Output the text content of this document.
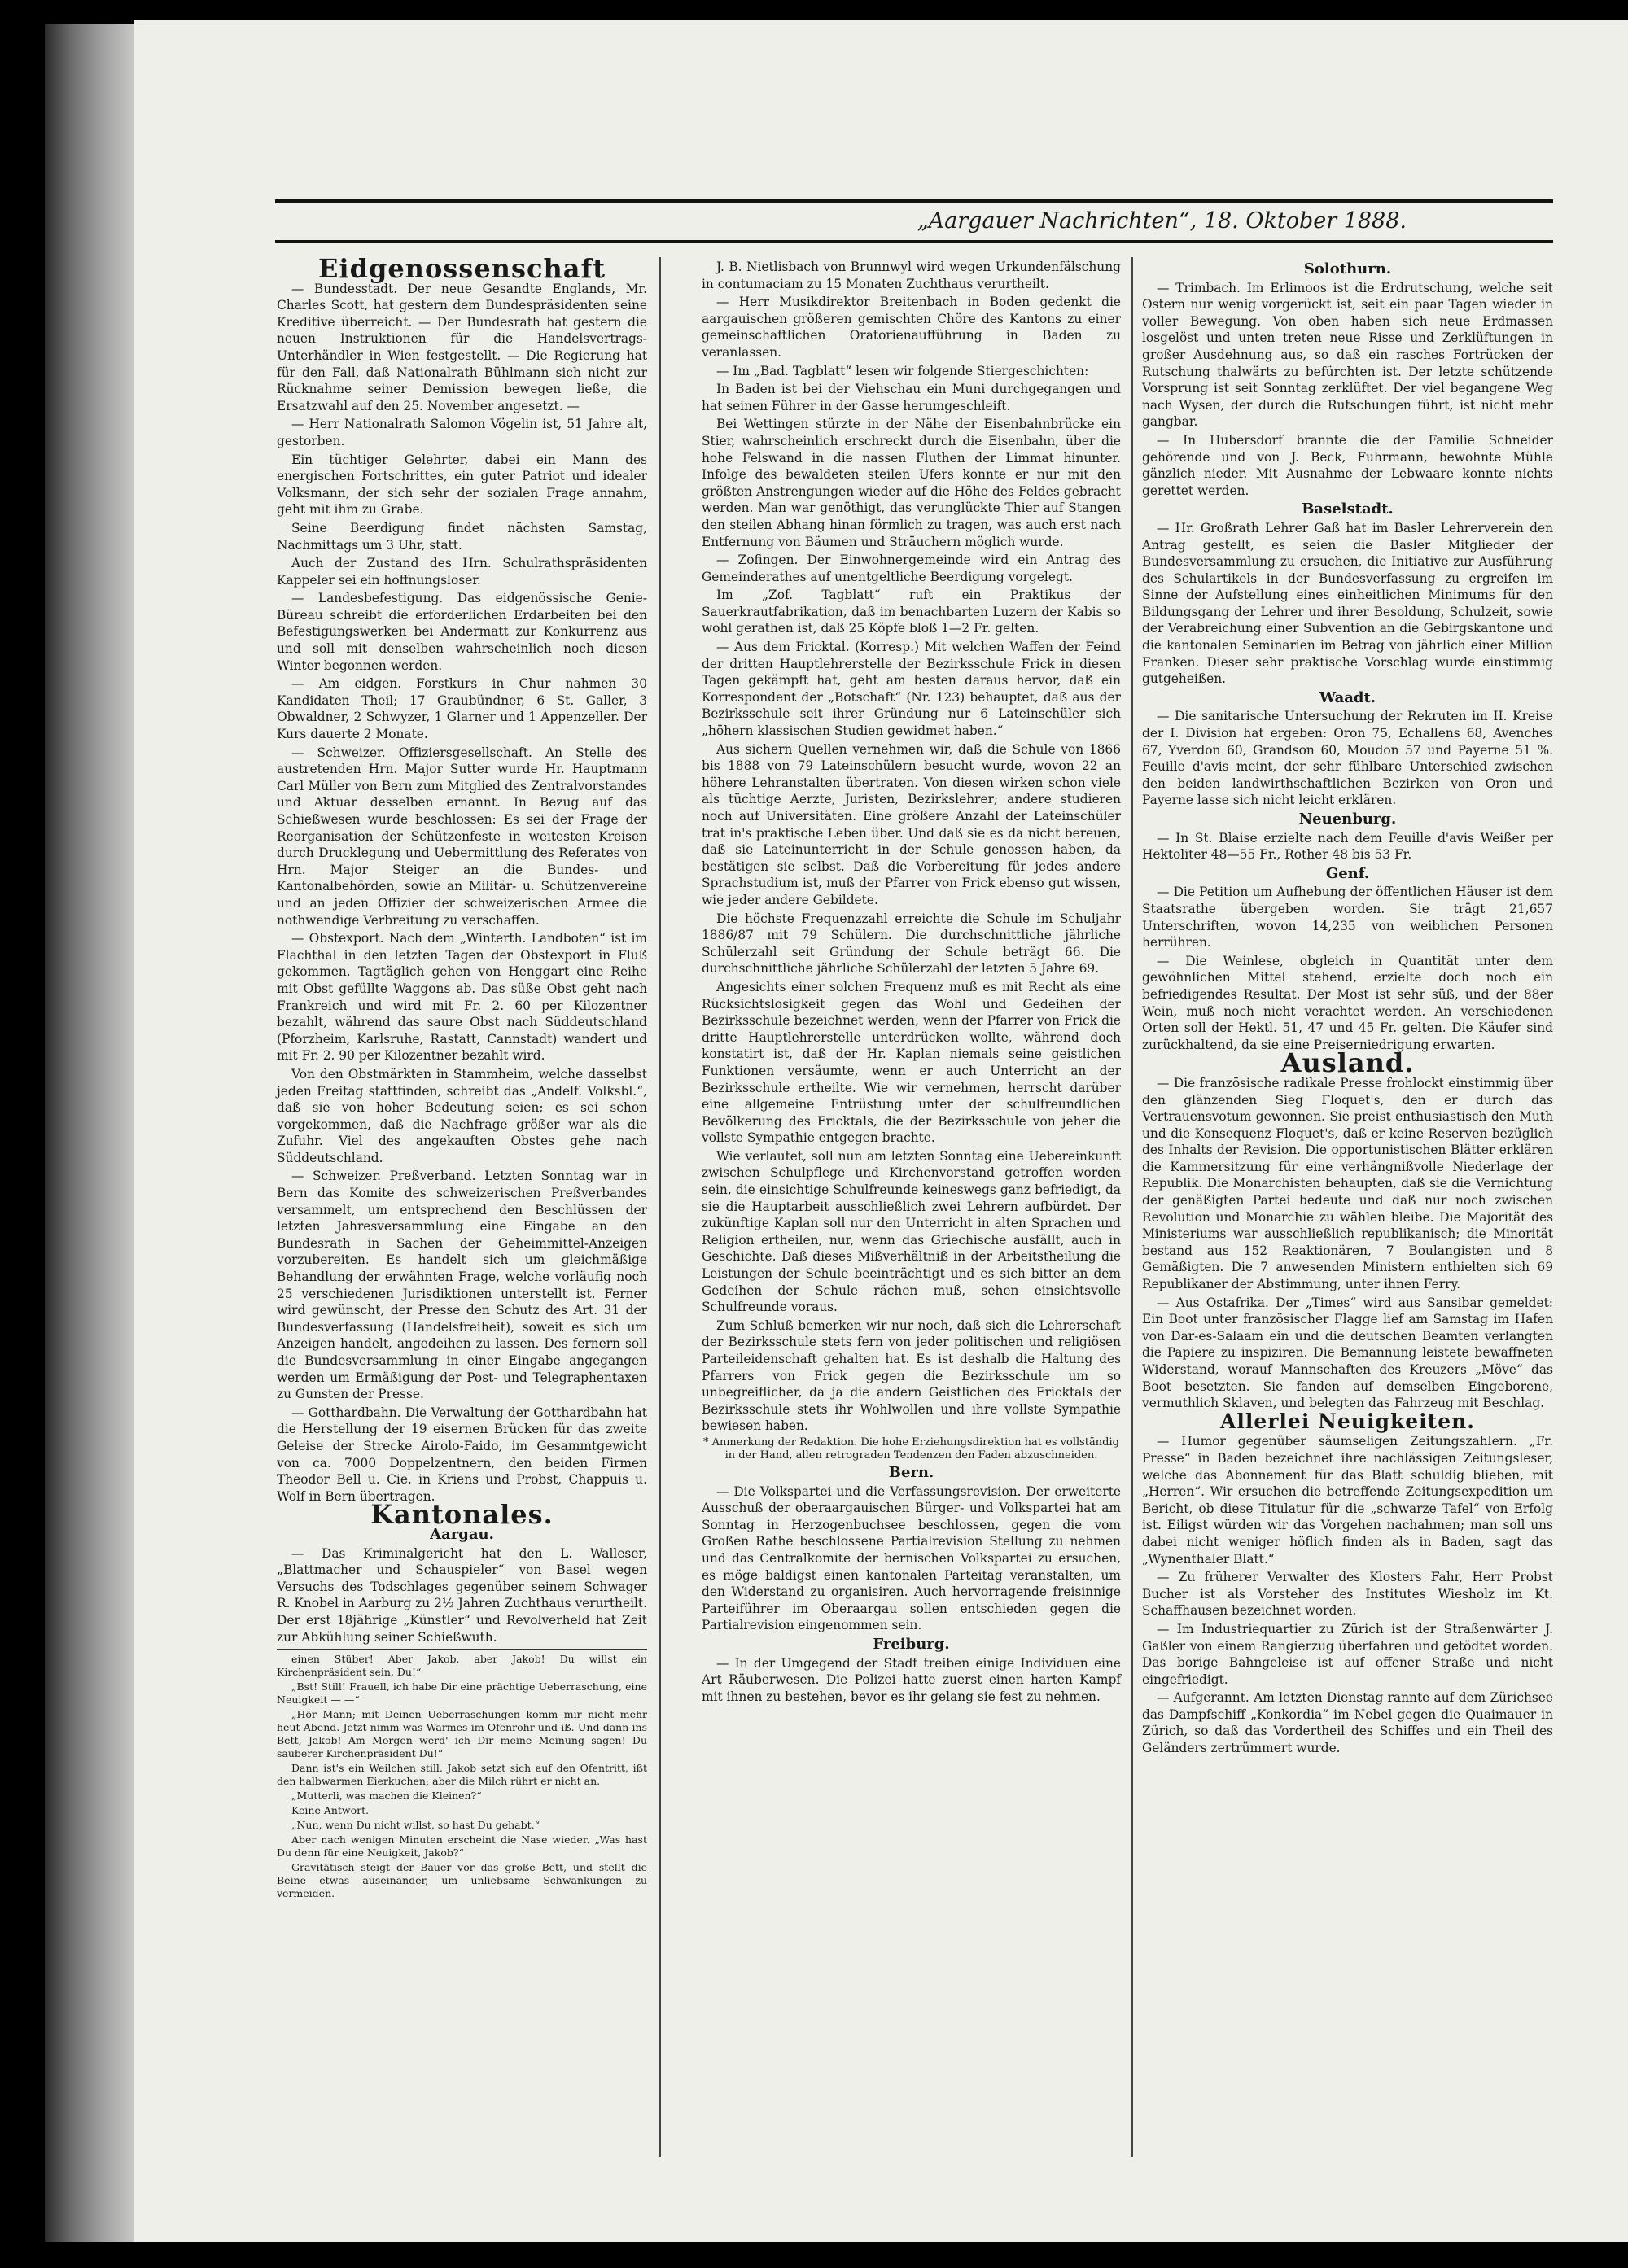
„Aargauer Nachrichten“, 18. Oktober 1888.
Eidgenossenschaft

— Bundesstadt. Der neue Gesandte Englands, Mr. Charles Scott, hat gestern dem Bundespräsidenten seine Kreditive überreicht. — Der Bundesrath hat gestern die neuen Instruktionen für die Handelsvertrags-Unterhändler in Wien festgestellt. — Die Regierung hat für den Fall, daß Nationalrath Bühlmann sich nicht zur Rücknahme seiner Demission bewegen ließe, die Ersatzwahl auf den 25. November angesetzt. —

— Herr Nationalrath Salomon Vögelin ist, 51 Jahre alt, gestorben.

Ein tüchtiger Gelehrter, dabei ein Mann des energischen Fortschrittes, ein guter Patriot und idealer Volksmann, der sich sehr der sozialen Frage annahm, geht mit ihm zu Grabe.

Seine Beerdigung findet nächsten Samstag, Nachmittags um 3 Uhr, statt.

Auch der Zustand des Hrn. Schulrathspräsidenten Kappeler sei ein hoffnungsloser.

— Landesbefestigung. Das eidgenössische Genie-Büreau schreibt die erforderlichen Erdarbeiten bei den Befestigungswerken bei Andermatt zur Konkurrenz aus und soll mit denselben wahrscheinlich noch diesen Winter begonnen werden.

— Am eidgen. Forstkurs in Chur nahmen 30 Kandidaten Theil; 17 Graubündner, 6 St. Galler, 3 Obwaldner, 2 Schwyzer, 1 Glarner und 1 Appenzeller. Der Kurs dauerte 2 Monate.

— Schweizer. Offiziersgesellschaft. An Stelle des austretenden Hrn. Major Sutter wurde Hr. Hauptmann Carl Müller von Bern zum Mitglied des Zentralvorstandes und Aktuar desselben ernannt. In Bezug auf das Schießwesen wurde beschlossen: Es sei der Frage der Reorganisation der Schützenfeste in weitesten Kreisen durch Drucklegung und Uebermittlung des Referates von Hrn. Major Steiger an die Bundes- und Kantonalbehörden, sowie an Militär- u. Schützenvereine und an jeden Offizier der schweizerischen Armee die nothwendige Verbreitung zu verschaffen.

— Obstexport. Nach dem „Winterth. Landboten“ ist im Flachthal in den letzten Tagen der Obstexport in Fluß gekommen. Tagtäglich gehen von Henggart eine Reihe mit Obst gefüllte Waggons ab. Das süße Obst geht nach Frankreich und wird mit Fr. 2. 60 per Kilozentner bezahlt, während das saure Obst nach Süddeutschland (Pforzheim, Karlsruhe, Rastatt, Cannstadt) wandert und mit Fr. 2. 90 per Kilozentner bezahlt wird.

Von den Obstmärkten in Stammheim, welche dasselbst jeden Freitag stattfinden, schreibt das „Andelf. Volksbl.“, daß sie von hoher Bedeutung seien; es sei schon vorgekommen, daß die Nachfrage größer war als die Zufuhr. Viel des angekauften Obstes gehe nach Süddeutschland.

— Schweizer. Preßverband. Letzten Sonntag war in Bern das Komite des schweizerischen Preßverbandes versammelt, um entsprechend den Beschlüssen der letzten Jahresversammlung eine Eingabe an den Bundesrath in Sachen der Geheimmittel-Anzeigen vorzubereiten. Es handelt sich um gleichmäßige Behandlung der erwähnten Frage, welche vorläufig noch 25 verschiedenen Jurisdiktionen unterstellt ist. Ferner wird gewünscht, der Presse den Schutz des Art. 31 der Bundesverfassung (Handelsfreiheit), soweit es sich um Anzeigen handelt, angedeihen zu lassen. Des fernern soll die Bundesversammlung in einer Eingabe angegangen werden um Ermäßigung der Post- und Telegraphentaxen zu Gunsten der Presse.

— Gotthardbahn. Die Verwaltung der Gotthardbahn hat die Herstellung der 19 eisernen Brücken für das zweite Geleise der Strecke Airolo-Faido, im Gesammtgewicht von ca. 7000 Doppelzentnern, den beiden Firmen Theodor Bell u. Cie. in Kriens und Probst, Chappuis u. Wolf in Bern übertragen.

Kantonales.
Aargau.

— Das Kriminalgericht hat den L. Walleser, „Blattmacher und Schauspieler“ von Basel wegen Versuchs des Todschlages gegenüber seinem Schwager R. Knobel in Aarburg zu 2½ Jahren Zuchthaus verurtheilt. Der erst 18jährige „Künstler“ und Revolverheld hat Zeit zur Abkühlung seiner Schießwuth.

einen Stüber! Aber Jakob, aber Jakob! Du willst ein Kirchenpräsident sein, Du!“

„Bst! Still! Frauell, ich habe Dir eine prächtige Ueberraschung, eine Neuigkeit — —“

„Hör Mann; mit Deinen Ueberraschungen komm mir nicht mehr heut Abend. Jetzt nimm was Warmes im Ofenrohr und iß. Und dann ins Bett, Jakob! Am Morgen werd' ich Dir meine Meinung sagen! Du sauberer Kirchenpräsident Du!“

Dann ist's ein Weilchen still. Jakob setzt sich auf den Ofentritt, ißt den halbwarmen Eierkuchen; aber die Milch rührt er nicht an.

„Mutterli, was machen die Kleinen?“

Keine Antwort.

„Nun, wenn Du nicht willst, so hast Du gehabt.“

Aber nach wenigen Minuten erscheint die Nase wieder. „Was hast Du denn für eine Neuigkeit, Jakob?“

Gravitätisch steigt der Bauer vor das große Bett, und stellt die Beine etwas auseinander, um unliebsame Schwankungen zu vermeiden.

J. B. Nietlisbach von Brunnwyl wird wegen Urkundenfälschung in contumaciam zu 15 Monaten Zuchthaus verurtheilt.

— Herr Musikdirektor Breitenbach in Boden gedenkt die aargauischen größeren gemischten Chöre des Kantons zu einer gemeinschaftlichen Oratorienaufführung in Baden zu veranlassen.

— Im „Bad. Tagblatt“ lesen wir folgende Stiergeschichten:

In Baden ist bei der Viehschau ein Muni durchgegangen und hat seinen Führer in der Gasse herumgeschleift.

Bei Wettingen stürzte in der Nähe der Eisenbahnbrücke ein Stier, wahrscheinlich erschreckt durch die Eisenbahn, über die hohe Felswand in die nassen Fluthen der Limmat hinunter. Infolge des bewaldeten steilen Ufers konnte er nur mit den größten Anstrengungen wieder auf die Höhe des Feldes gebracht werden. Man war genöthigt, das verunglückte Thier auf Stangen den steilen Abhang hinan förmlich zu tragen, was auch erst nach Entfernung von Bäumen und Sträuchern möglich wurde.

— Zofingen. Der Einwohnergemeinde wird ein Antrag des Gemeinderathes auf unentgeltliche Beerdigung vorgelegt.

Im „Zof. Tagblatt“ ruft ein Praktikus der Sauerkrautfabrikation, daß im benachbarten Luzern der Kabis so wohl gerathen ist, daß 25 Köpfe bloß 1—2 Fr. gelten.

— Aus dem Fricktal. (Korresp.) Mit welchen Waffen der Feind der dritten Hauptlehrerstelle der Bezirksschule Frick in diesen Tagen gekämpft hat, geht am besten daraus hervor, daß ein Korrespondent der „Botschaft“ (Nr. 123) behauptet, daß aus der Bezirksschule seit ihrer Gründung nur 6 Lateinschüler sich „höhern klassischen Studien gewidmet haben.“

Aus sichern Quellen vernehmen wir, daß die Schule von 1866 bis 1888 von 79 Lateinschülern besucht wurde, wovon 22 an höhere Lehranstalten übertraten. Von diesen wirken schon viele als tüchtige Aerzte, Juristen, Bezirkslehrer; andere studieren noch auf Universitäten. Eine größere Anzahl der Lateinschüler trat in's praktische Leben über. Und daß sie es da nicht bereuen, daß sie Lateinunterricht in der Schule genossen haben, da bestätigen sie selbst. Daß die Vorbereitung für jedes andere Sprachstudium ist, muß der Pfarrer von Frick ebenso gut wissen, wie jeder andere Gebildete.

Die höchste Frequenzzahl erreichte die Schule im Schuljahr 1886/87 mit 79 Schülern. Die durchschnittliche jährliche Schülerzahl seit Gründung der Schule beträgt 66. Die durchschnittliche jährliche Schülerzahl der letzten 5 Jahre 69.

Angesichts einer solchen Frequenz muß es mit Recht als eine Rücksichtslosigkeit gegen das Wohl und Gedeihen der Bezirksschule bezeichnet werden, wenn der Pfarrer von Frick die dritte Hauptlehrerstelle unterdrücken wollte, während doch konstatirt ist, daß der Hr. Kaplan niemals seine geistlichen Funktionen versäumte, wenn er auch Unterricht an der Bezirksschule ertheilte. Wie wir vernehmen, herrscht darüber eine allgemeine Entrüstung unter der schulfreundlichen Bevölkerung des Fricktals, die der Bezirksschule von jeher die vollste Sympathie entgegen brachte.

Wie verlautet, soll nun am letzten Sonntag eine Uebereinkunft zwischen Schulpflege und Kirchenvorstand getroffen worden sein, die einsichtige Schulfreunde keineswegs ganz befriedigt, da sie die Hauptarbeit ausschließlich zwei Lehrern aufbürdet. Der zukünftige Kaplan soll nur den Unterricht in alten Sprachen und Religion ertheilen, nur, wenn das Griechische ausfällt, auch in Geschichte. Daß dieses Mißverhältniß in der Arbeitstheilung die Leistungen der Schule beeinträchtigt und es sich bitter an dem Gedeihen der Schule rächen muß, sehen einsichtsvolle Schulfreunde voraus.

Zum Schluß bemerken wir nur noch, daß sich die Lehrerschaft der Bezirksschule stets fern von jeder politischen und religiösen Parteileidenschaft gehalten hat. Es ist deshalb die Haltung des Pfarrers von Frick gegen die Bezirksschule um so unbegreiflicher, da ja die andern Geistlichen des Fricktals der Bezirksschule stets ihr Wohlwollen und ihre vollste Sympathie bewiesen haben.

* Anmerkung der Redaktion. Die hohe Erziehungsdirektion hat es vollständig in der Hand, allen retrograden Tendenzen den Faden abzuschneiden.
Bern.

— Die Volkspartei und die Verfassungsrevision. Der erweiterte Ausschuß der oberaargauischen Bürger- und Volkspartei hat am Sonntag in Herzogenbuchsee beschlossen, gegen die vom Großen Rathe beschlossene Partialrevision Stellung zu nehmen und das Centralkomite der bernischen Volkspartei zu ersuchen, es möge baldigst einen kantonalen Parteitag veranstalten, um den Widerstand zu organisiren. Auch hervorragende freisinnige Parteiführer im Oberaargau sollen entschieden gegen die Partialrevision eingenommen sein.

Freiburg.

— In der Umgegend der Stadt treiben einige Individuen eine Art Räuberwesen. Die Polizei hatte zuerst einen harten Kampf mit ihnen zu bestehen, bevor es ihr gelang sie fest zu nehmen.

Solothurn.

— Trimbach. Im Erlimoos ist die Erdrutschung, welche seit Ostern nur wenig vorgerückt ist, seit ein paar Tagen wieder in voller Bewegung. Von oben haben sich neue Erdmassen losgelöst und unten treten neue Risse und Zerklüftungen in großer Ausdehnung aus, so daß ein rasches Fortrücken der Rutschung thalwärts zu befürchten ist. Der letzte schützende Vorsprung ist seit Sonntag zerklüftet. Der viel begangene Weg nach Wysen, der durch die Rutschungen führt, ist nicht mehr gangbar.

— In Hubersdorf brannte die der Familie Schneider gehörende und von J. Beck, Fuhrmann, bewohnte Mühle gänzlich nieder. Mit Ausnahme der Lebwaare konnte nichts gerettet werden.

Baselstadt.

— Hr. Großrath Lehrer Gaß hat im Basler Lehrerverein den Antrag gestellt, es seien die Basler Mitglieder der Bundesversammlung zu ersuchen, die Initiative zur Ausführung des Schulartikels in der Bundesverfassung zu ergreifen im Sinne der Aufstellung eines einheitlichen Minimums für den Bildungsgang der Lehrer und ihrer Besoldung, Schulzeit, sowie der Verabreichung einer Subvention an die Gebirgskantone und die kantonalen Seminarien im Betrag von jährlich einer Million Franken. Dieser sehr praktische Vorschlag wurde einstimmig gutgeheißen.

Waadt.

— Die sanitarische Untersuchung der Rekruten im II. Kreise der I. Division hat ergeben: Oron 75, Echallens 68, Avenches 67, Yverdon 60, Grandson 60, Moudon 57 und Payerne 51 %. Feuille d'avis meint, der sehr fühlbare Unterschied zwischen den beiden landwirthschaftlichen Bezirken von Oron und Payerne lasse sich nicht leicht erklären.

Neuenburg.

— In St. Blaise erzielte nach dem Feuille d'avis Weißer per Hektoliter 48—55 Fr., Rother 48 bis 53 Fr.

Genf.

— Die Petition um Aufhebung der öffentlichen Häuser ist dem Staatsrathe übergeben worden. Sie trägt 21,657 Unterschriften, wovon 14,235 von weiblichen Personen herrühren.

— Die Weinlese, obgleich in Quantität unter dem gewöhnlichen Mittel stehend, erzielte doch noch ein befriedigendes Resultat. Der Most ist sehr süß, und der 88er Wein, muß noch nicht verachtet werden. An verschiedenen Orten soll der Hektl. 51, 47 und 45 Fr. gelten. Die Käufer sind zurückhaltend, da sie eine Preiserniedrigung erwarten.

Ausland.

— Die französische radikale Presse frohlockt einstimmig über den glänzenden Sieg Floquet's, den er durch das Vertrauensvotum gewonnen. Sie preist enthusiastisch den Muth und die Konsequenz Floquet's, daß er keine Reserven bezüglich des Inhalts der Revision. Die opportunistischen Blätter erklären die Kammersitzung für eine verhängnißvolle Niederlage der Republik. Die Monarchisten behaupten, daß sie die Vernichtung der genäßigten Partei bedeute und daß nur noch zwischen Revolution und Monarchie zu wählen bleibe. Die Majorität des Ministeriums war ausschließlich republikanisch; die Minorität bestand aus 152 Reaktionären, 7 Boulangisten und 8 Gemäßigten. Die 7 anwesenden Ministern enthielten sich 69 Republikaner der Abstimmung, unter ihnen Ferry.

— Aus Ostafrika. Der „Times“ wird aus Sansibar gemeldet: Ein Boot unter französischer Flagge lief am Samstag im Hafen von Dar-es-Salaam ein und die deutschen Beamten verlangten die Papiere zu inspiziren. Die Bemannung leistete bewaffneten Widerstand, worauf Mannschaften des Kreuzers „Möve“ das Boot besetzten. Sie fanden auf demselben Eingeborene, vermuthlich Sklaven, und belegten das Fahrzeug mit Beschlag.

Allerlei Neuigkeiten.

— Humor gegenüber säumseligen Zeitungszahlern. „Fr. Presse“ in Baden bezeichnet ihre nachlässigen Zeitungsleser, welche das Abonnement für das Blatt schuldig blieben, mit „Herren“. Wir ersuchen die betreffende Zeitungsexpedition um Bericht, ob diese Titulatur für die „schwarze Tafel“ von Erfolg ist. Eiligst würden wir das Vorgehen nachahmen; man soll uns dabei nicht weniger höflich finden als in Baden, sagt das „Wynenthaler Blatt.“

— Zu früherer Verwalter des Klosters Fahr, Herr Probst Bucher ist als Vorsteher des Institutes Wiesholz im Kt. Schaffhausen bezeichnet worden.

— Im Industriequartier zu Zürich ist der Straßenwärter J. Gaßler von einem Rangierzug überfahren und getödtet worden. Das borige Bahngeleise ist auf offener Straße und nicht eingefriedigt.

— Aufgerannt. Am letzten Dienstag rannte auf dem Zürichsee das Dampfschiff „Konkordia“ im Nebel gegen die Quaimauer in Zürich, so daß das Vordertheil des Schiffes und ein Theil des Geländers zertrümmert wurde.
